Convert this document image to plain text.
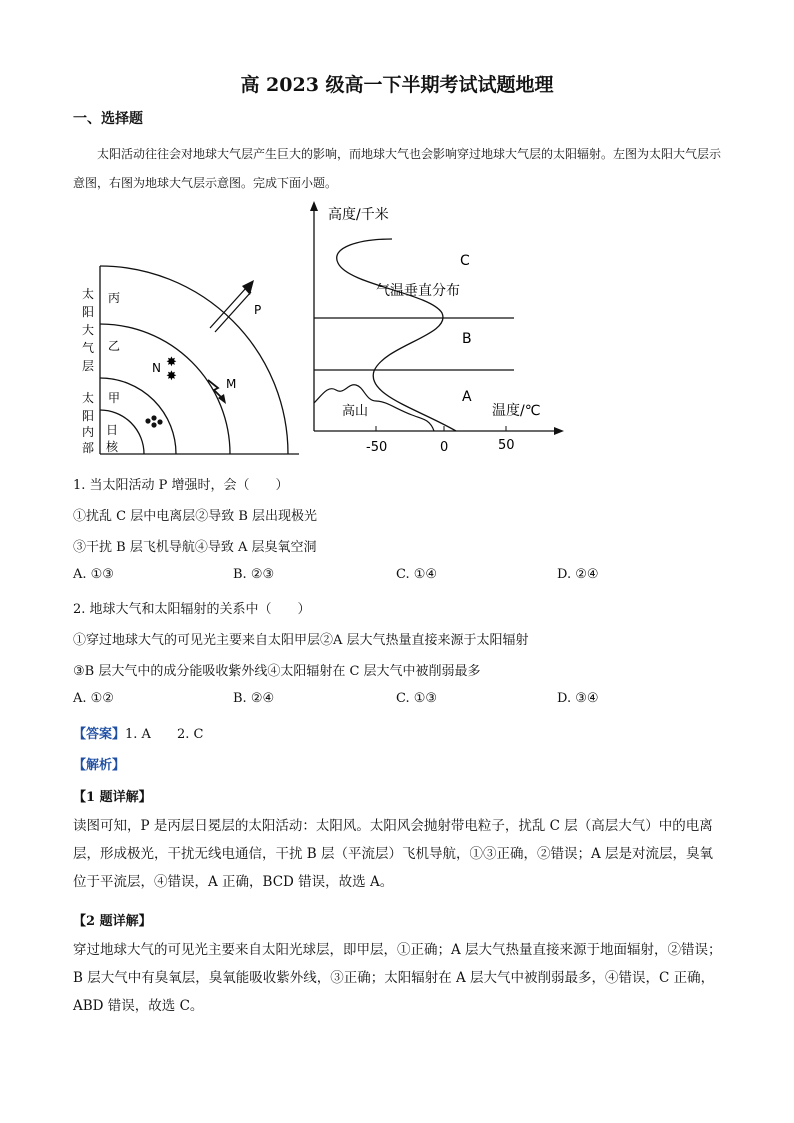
高 2023 级高一下半期考试试题地理
一、选择题
太阳活动往往会对地球大气层产生巨大的影响，而地球大气也会影响穿过地球大气层的太阳辐射。左图为太阳大气层示意图，右图为地球大气层示意图。完成下面小题。
太
阳
大
气
层
太
阳
内
部
丙
乙
甲
日
核
P
N ✸
✸	M
高度/千米
高山
C
气温垂直分布
B
A
温度/℃
-50	0	50
1. 当太阳活动 P 增强时，会（　　）
①扰乱 C 层中电离层②导致 B 层出现极光
③干扰 B 层飞机导航④导致 A 层臭氧空洞
A. ①③	B. ②③	C. ①④	D. ②④
2. 地球大气和太阳辐射的关系中（　　）
①穿过地球大气的可见光主要来自太阳甲层②A 层大气热量直接来源于太阳辐射
③B 层大气中的成分能吸收紫外线④太阳辐射在 C 层大气中被削弱最多
A. ①②	B. ②④	C. ①③	D. ③④
【答案】1. A　　2. C
【解析】
【1 题详解】
读图可知，P 是丙层日冕层的太阳活动：太阳风。太阳风会抛射带电粒子，扰乱 C 层（高层大气）中的电离层，形成极光，干扰无线电通信，干扰 B 层（平流层）飞机导航，①③正确，②错误；A 层是对流层，臭氧位于平流层，④错误，A 正确，BCD 错误，故选 A。
【2 题详解】
穿过地球大气的可见光主要来自太阳光球层，即甲层，①正确；A 层大气热量直接来源于地面辐射，②错误；B 层大气中有臭氧层，臭氧能吸收紫外线，③正确；太阳辐射在 A 层大气中被削弱最多，④错误，C 正确，ABD 错误，故选 C。
